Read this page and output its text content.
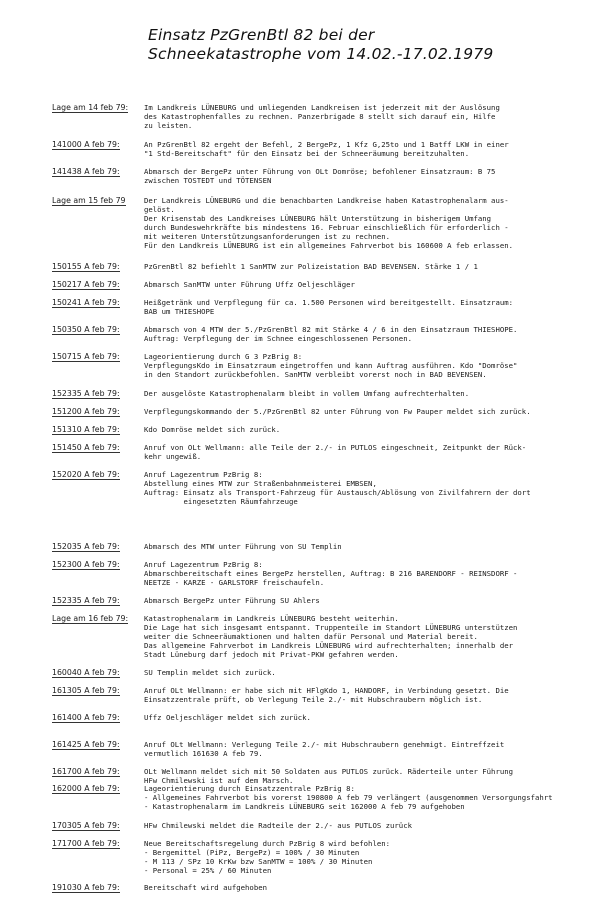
Einsatz PzGrenBtl 82 bei der
Schneekatastrophe vom 14.02.-17.02.1979
Lage am 14 feb 79:	Im Landkreis LÜNEBURG und umliegenden Landkreisen ist jederzeit mit der Auslösung
des Katastrophenfalles zu rechnen. Panzerbrigade 8 stellt sich darauf ein, Hilfe
zu leisten.
141000 A feb 79:	An PzGrenBtl 82 ergeht der Befehl, 2 BergePz, 1 Kfz G,25to und 1 Batff LKW in einer
"1 Std-Bereitschaft" für den Einsatz bei der Schneeräumung bereitzuhalten.
141438 A feb 79:	Abmarsch der BergePz unter Führung von OLt Domröse; befohlener Einsatzraum: B 75
zwischen TOSTEDT und TÖTENSEN
Lage am 15 feb 79	Der Landkreis LÜNEBURG und die benachbarten Landkreise haben Katastrophenalarm aus-
gelöst.
Der Krisenstab des Landkreises LÜNEBURG hält Unterstützung in bisherigem Umfang
durch Bundeswehrkräfte bis mindestens 16. Februar einschließlich für erforderlich -
mit weiteren Unterstützungsanforderungen ist zu rechnen.
Für den Landkreis LÜNEBURG ist ein allgemeines Fahrverbot bis 160600 A feb erlassen.
150155 A feb 79:	PzGrenBtl 82 befiehlt 1 SanMTW zur Polizeistation BAD BEVENSEN. Stärke 1 / 1
150217 A feb 79:	Abmarsch SanMTW unter Führung Uffz Oeljeschläger
150241 A feb 79:	Heißgetränk und Verpflegung für ca. 1.500 Personen wird bereitgestellt. Einsatzraum:
BAB um THIESHOPE
150350 A feb 79:	Abmarsch von 4 MTW der 5./PzGrenBtl 82 mit Stärke 4 / 6 in den Einsatzraum THIESHOPE.
Auftrag: Verpflegung der im Schnee eingeschlossenen Personen.
150715 A feb 79:	Lageorientierung durch G 3 PzBrig 8:
VerpflegungsKdo im Einsatzraum eingetroffen und kann Auftrag ausführen. Kdo "Domröse"
in den Standort zurückbefohlen. SanMTW verbleibt vorerst noch in BAD BEVENSEN.
152335 A feb 79:	Der ausgelöste Katastrophenalarm bleibt in vollem Umfang aufrechterhalten.
151200 A feb 79:	Verpflegungskommando der 5./PzGrenBtl 82 unter Führung von Fw Pauper meldet sich zurück.
151310 A feb 79:	Kdo Domröse meldet sich zurück.
151450 A feb 79:	Anruf von OLt Wellmann: alle Teile der 2./- in PUTLOS eingeschneit, Zeitpunkt der Rück-
kehr ungewiß.
152020 A feb 79:	Anruf Lagezentrum PzBrig 8:
Abstellung eines MTW zur Straßenbahnmeisterei EMBSEN,
Auftrag: Einsatz als Transport-Fahrzeug für Austausch/Ablösung von Zivilfahrern der dort
eingesetzten Räumfahrzeuge
152035 A feb 79:	Abmarsch des MTW unter Führung von SU Templin
152300 A feb 79:	Anruf Lagezentrum PzBrig 8:
Abmarschbereitschaft eines BergePz herstellen, Auftrag: B 216 BARENDORF - REINSDORF -
NEETZE - KARZE - GARLSTORF freischaufeln.
152335 A feb 79:	Abmarsch BergePz unter Führung SU Ahlers
Lage am 16 feb 79:	Katastrophenalarm im Landkreis LÜNEBURG besteht weiterhin.
Die Lage hat sich insgesamt entspannt. Truppenteile im Standort LÜNEBURG unterstützen
weiter die Schneeräumaktionen und halten dafür Personal und Material bereit.
Das allgemeine Fahrverbot im Landkreis LÜNEBURG wird aufrechterhalten; innerhalb der
Stadt Lüneburg darf jedoch mit Privat-PKW gefahren werden.
160040 A feb 79:	SU Templin meldet sich zurück.
161305 A feb 79:	Anruf OLt Wellmann: er habe sich mit HFlgKdo 1, HANDORF, in Verbindung gesetzt. Die
Einsatzzentrale prüft, ob Verlegung Teile 2./- mit Hubschraubern möglich ist.
161400 A feb 79:	Uffz Oeljeschläger meldet sich zurück.
161425 A feb 79:	Anruf OLt Wellmann: Verlegung Teile 2./- mit Hubschraubern genehmigt. Eintreffzeit
vermutlich 161630 A feb 79.
161700 A feb 79:	OLt Wellmann meldet sich mit 50 Soldaten aus PUTLOS zurück. Räderteile unter Führung
HFw Chmilewski ist auf dem Marsch.
162000 A feb 79:	Lageorientierung durch Einsatzzentrale PzBrig 8:
- Allgemeines Fahrverbot bis vorerst 190800 A feb 79 verlängert (ausgenommen Versorgungsfahrt
- Katastrophenalarm im Landkreis LÜNEBURG seit 162000 A feb 79 aufgehoben
170305 A feb 79:	HFw Chmilewski meldet die Radteile der 2./- aus PUTLOS zurück
171700 A feb 79:	Neue Bereitschaftsregelung durch PzBrig 8 wird befohlen:
- Bergemittel (PiPz, BergePz) = 100% / 30 Minuten
- M 113 / SPz 10 KrKw bzw SanMTW = 100% / 30 Minuten
- Personal = 25% / 60 Minuten
191030 A feb 79:	Bereitschaft wird aufgehoben
